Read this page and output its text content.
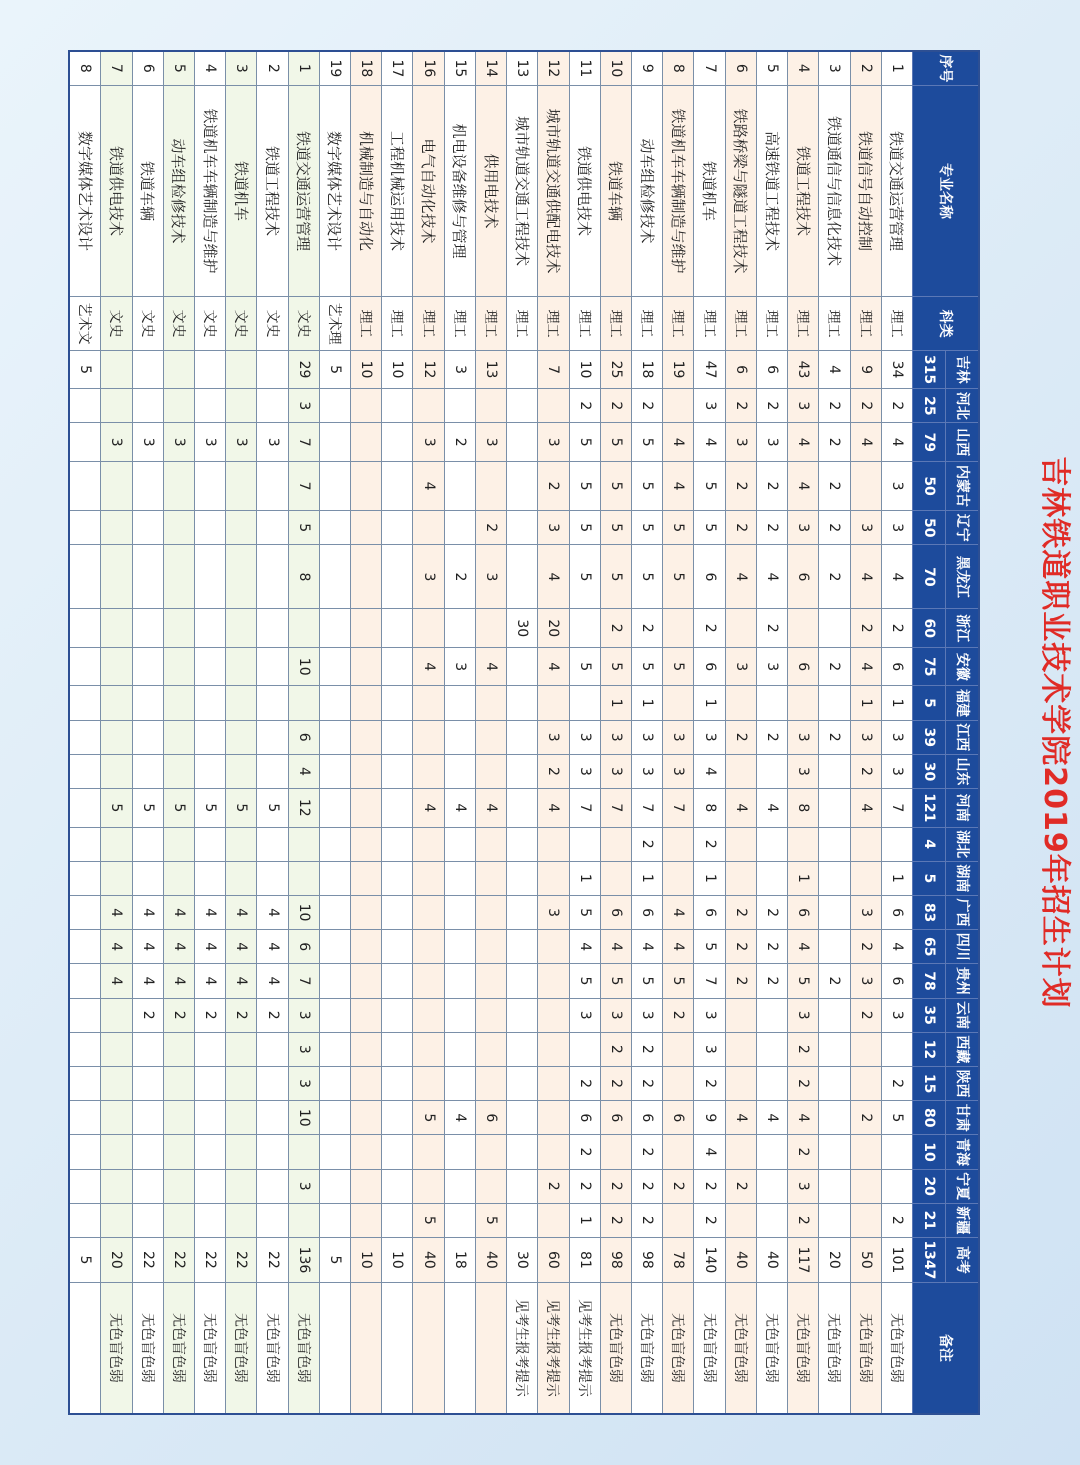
吉林铁道职业技术学院2019年招生计划
序号	专业名称	科类	吉林	河北	山西	内蒙古	辽宁	黑龙江	浙江	安徽	福建	江西	山东	河南	湖北	湖南	广西	四川	贵州	云南	西藏	陕西	甘肃	青海	宁夏	新疆	高考	备注
			315	25	79	50	50	70	60	75	5	39	30	121	4	5	83	65	78	35	12	15	80	10	20	21	1347	
1	铁道交通运营管理	理工	34	2	4	3	3	4	2	6	1	3	3	7		1	6	4	6	3		2	5			2	101	无色盲色弱
2	铁道信号自动控制	理工	9	2	4		3	4	2	4	1	3	2	4			3	2	3	2			2				50	无色盲色弱
3	铁道通信与信息化技术	理工	4	2	2	2	2	2		2		2							2								20	无色盲色弱
4	铁道工程技术	理工	43	3	4	4	3	6		6		3	3	8		1	6	4	5	3	2	2	4	2	3	2	117	无色盲色弱
5	高速铁道工程技术	理工	6	2	3	2	2	4	2	3		2		4			2	2	2				4				40	无色盲色弱
6	铁路桥梁与隧道工程技术	理工	6	2	3	2	2	4		3		2		4			2	2	2				4		2		40	无色盲色弱
7	铁道机车	理工	47	3	4	5	5	6	2	6	1	3	4	8	2	1	6	5	7	3	3	2	9	4	2	2	140	无色盲色弱
8	铁道机车车辆制造与维护	理工	19		4	4	5	5		5		3	3	7			4	4	5	2			6		2		78	无色盲色弱
9	动车组检修技术	理工	18	2	5	5	5	5	2	5	1	3	3	7	2	1	6	4	5	3	2	2	6	2	2	2	98	无色盲色弱
10	铁道车辆	理工	25	2	5	5	5	5	2	5	1	3	3	7			6	4	5	3	2	2	6		2	2	98	无色盲色弱
11	铁道供电技术	理工	10	2	5	5	5	5		5		3	3	7		1	5	4	5	3		2	6	2	2	1	81	见考生报考提示
12	城市轨道交通供配电技术	理工	7		3	2	3	4	20	4		3	2	4			3								2		60	见考生报考提示
13	城市轨道交通工程技术	理工							30																		30	见考生报考提示
14	供用电技术	理工	13		3		2	3		4				4									6			5	40	
15	机电设备维修与管理	理工	3		2			2		3				4									4				18	
16	电气自动化技术	理工	12		3	4		3		4				4									5			5	40	
17	工程机械运用技术	理工	10																								10	
18	机械制造与自动化	理工	10																								10	
19	数字媒体艺术设计	艺术理	5																								5	
1	铁道交通运营管理	文史	29	3	7	7	5	8		10		6	4	12			10	6	7	3	3	3	10		3		136	无色盲色弱
2	铁道工程技术	文史			3									5			4	4	4	2							22	无色盲色弱
3	铁道机车	文史			3									5			4	4	4	2							22	无色盲色弱
4	铁道机车车辆制造与维护	文史			3									5			4	4	4	2							22	无色盲色弱
5	动车组检修技术	文史			3									5			4	4	4	2							22	无色盲色弱
6	铁道车辆	文史			3									5			4	4	4	2							22	无色盲色弱
7	铁道供电技术	文史			3									5			4	4	4								20	无色盲色弱
8	数字媒体艺术设计	艺术文	5																								5	
